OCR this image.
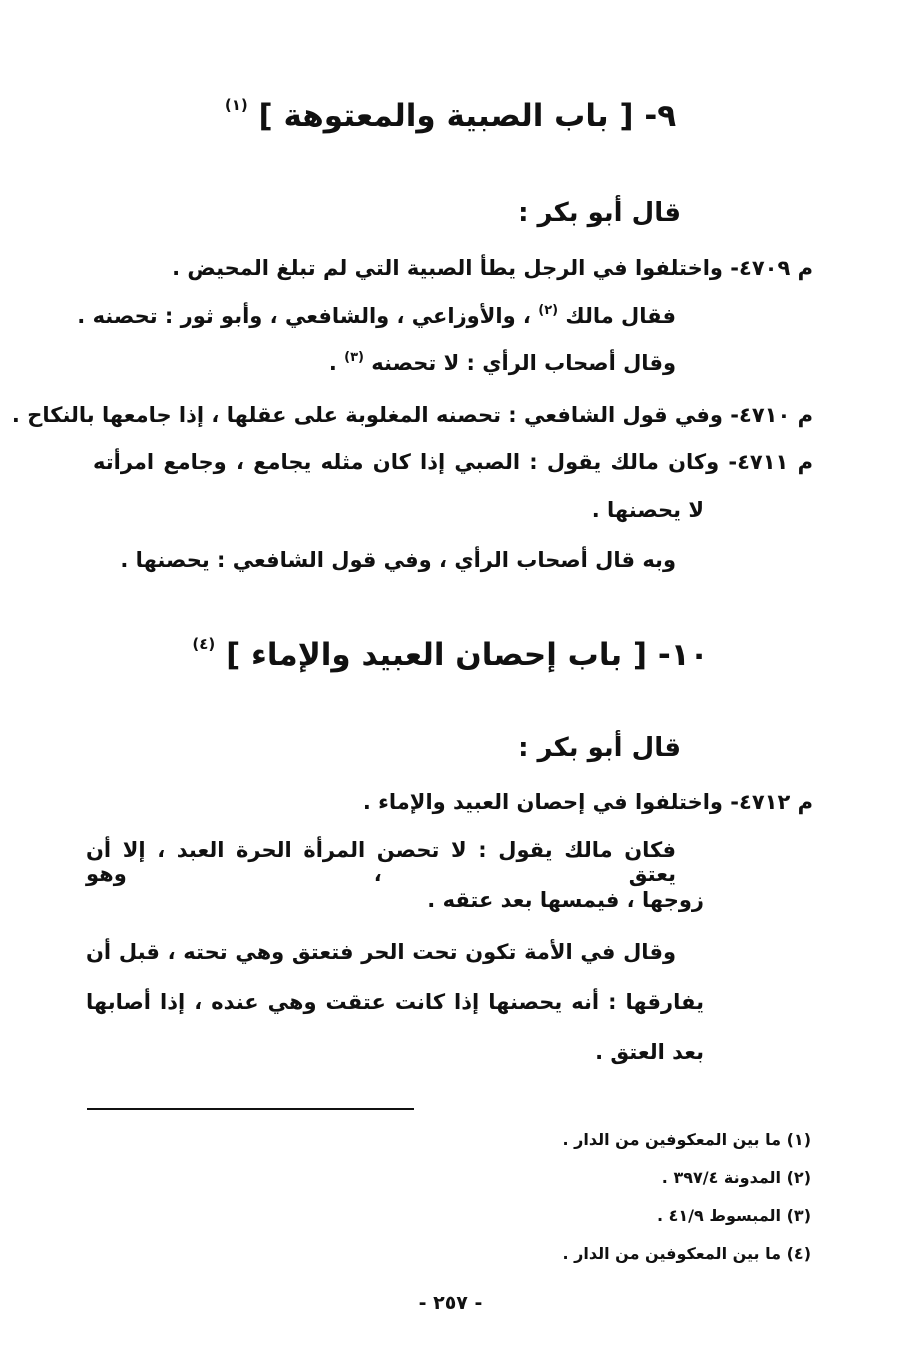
٩- [ باب الصبية والمعتوهة ] $^{(١)}$
قال أبو بكر :
م ٤٧٠٩- واختلفوا في الرجل يطأ الصبية التي لم تبلغ المحيض .
فقال مالك $^{(٢)}$ ، والأوزاعي ، والشافعي ، وأبو ثور : تحصنه .
وقال أصحاب الرأي : لا تحصنه $^{(٣)}$ .
م ٤٧١٠- وفي قول الشافعي : تحصنه المغلوبة على عقلها ، إذا جامعها بالنكاح .
م ٤٧١١- وكان مالك يقول : الصبي إذا كان مثله يجامع ، وجامع امرأته
لا يحصنها .
وبه قال أصحاب الرأي ، وفي قول الشافعي : يحصنها .
١٠- [ باب إحصان العبيد والإماء ] $^{(٤)}$
قال أبو بكر :
م ٤٧١٢- واختلفوا في إحصان العبيد والإماء .
فكان مالك يقول : لا تحصن المرأة الحرة العبد ، إلا أن يعتق ، وهو
زوجها ، فيمسها بعد عتقه .
وقال في الأمة تكون تحت الحر فتعتق وهي تحته ، قبل أن
يفارقها : أنه يحصنها إذا كانت عتقت وهي عنده ، إذا أصابها
بعد العتق .
(١) ما بين المعكوفين من الدار .
(٢) المدونة ٣٩٧/٤ .
(٣) المبسوط ٤١/٩ .
(٤) ما بين المعكوفين من الدار .
- ٢٥٧ -
